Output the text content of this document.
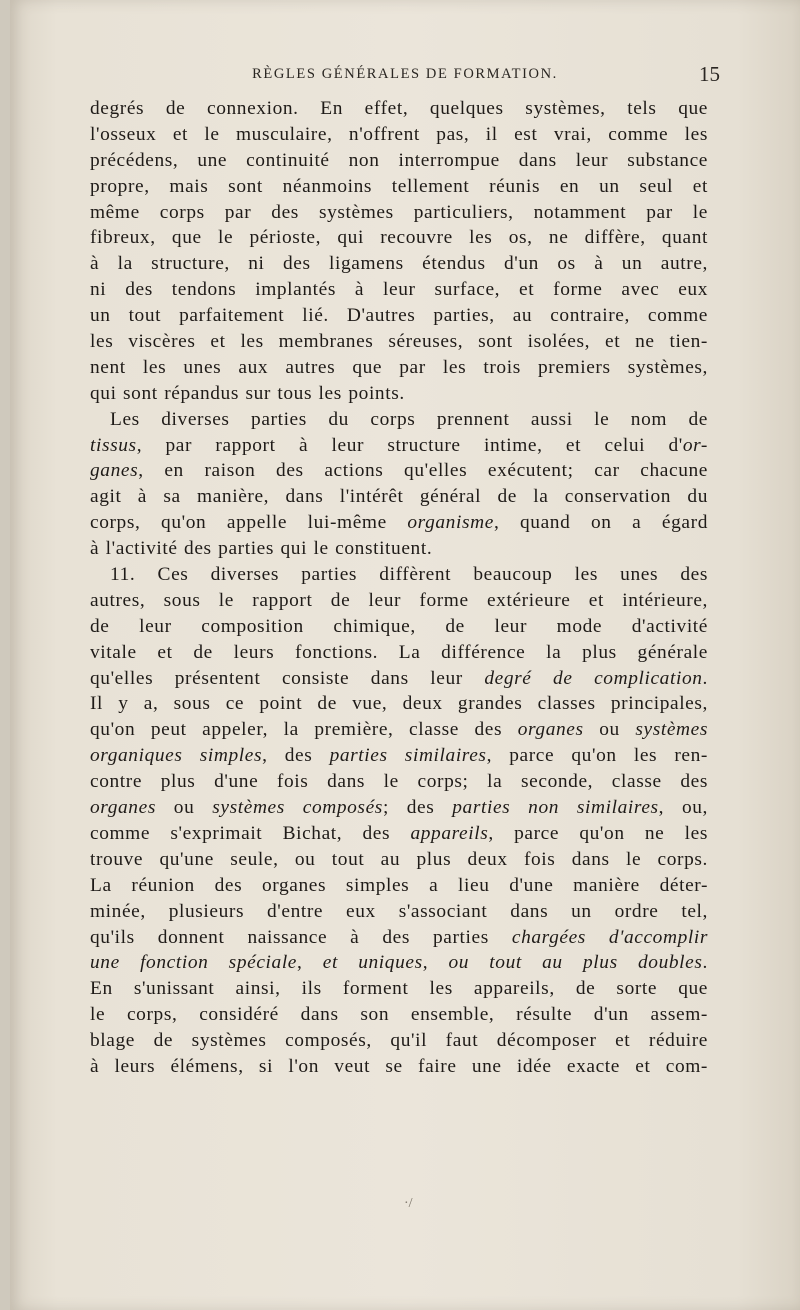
RÈGLES GÉNÉRALES DE FORMATION.	15
degrés de connexion. En effet, quelques systèmes, tels que
l'osseux et le musculaire, n'offrent pas, il est vrai, comme les
précédens, une continuité non interrompue dans leur substance
propre, mais sont néanmoins tellement réunis en un seul et
même corps par des systèmes particuliers, notamment par le
fibreux, que le périoste, qui recouvre les os, ne diffère, quant
à la structure, ni des ligamens étendus d'un os à un autre,
ni des tendons implantés à leur surface, et forme avec eux
un tout parfaitement lié. D'autres parties, au contraire, comme
les viscères et les membranes séreuses, sont isolées, et ne tien-
nent les unes aux autres que par les trois premiers systèmes,
qui sont répandus sur tous les points.
Les diverses parties du corps prennent aussi le nom de
tissus, par rapport à leur structure intime, et celui d'or-
ganes, en raison des actions qu'elles exécutent; car chacune
agit à sa manière, dans l'intérêt général de la conservation du
corps, qu'on appelle lui-même organisme, quand on a égard
à l'activité des parties qui le constituent.
11. Ces diverses parties diffèrent beaucoup les unes des
autres, sous le rapport de leur forme extérieure et intérieure,
de leur composition chimique, de leur mode d'activité
vitale et de leurs fonctions. La différence la plus générale
qu'elles présentent consiste dans leur degré de complication.
Il y a, sous ce point de vue, deux grandes classes principales,
qu'on peut appeler, la première, classe des organes ou systèmes
organiques simples, des parties similaires, parce qu'on les ren-
contre plus d'une fois dans le corps; la seconde, classe des
organes ou systèmes composés; des parties non similaires, ou,
comme s'exprimait Bichat, des appareils, parce qu'on ne les
trouve qu'une seule, ou tout au plus deux fois dans le corps.
La réunion des organes simples a lieu d'une manière déter-
minée, plusieurs d'entre eux s'associant dans un ordre tel,
qu'ils donnent naissance à des parties chargées d'accomplir
une fonction spéciale, et uniques, ou tout au plus doubles.
En s'unissant ainsi, ils forment les appareils, de sorte que
le corps, considéré dans son ensemble, résulte d'un assem-
blage de systèmes composés, qu'il faut décomposer et réduire
à leurs élémens, si l'on veut se faire une idée exacte et com-
·/
